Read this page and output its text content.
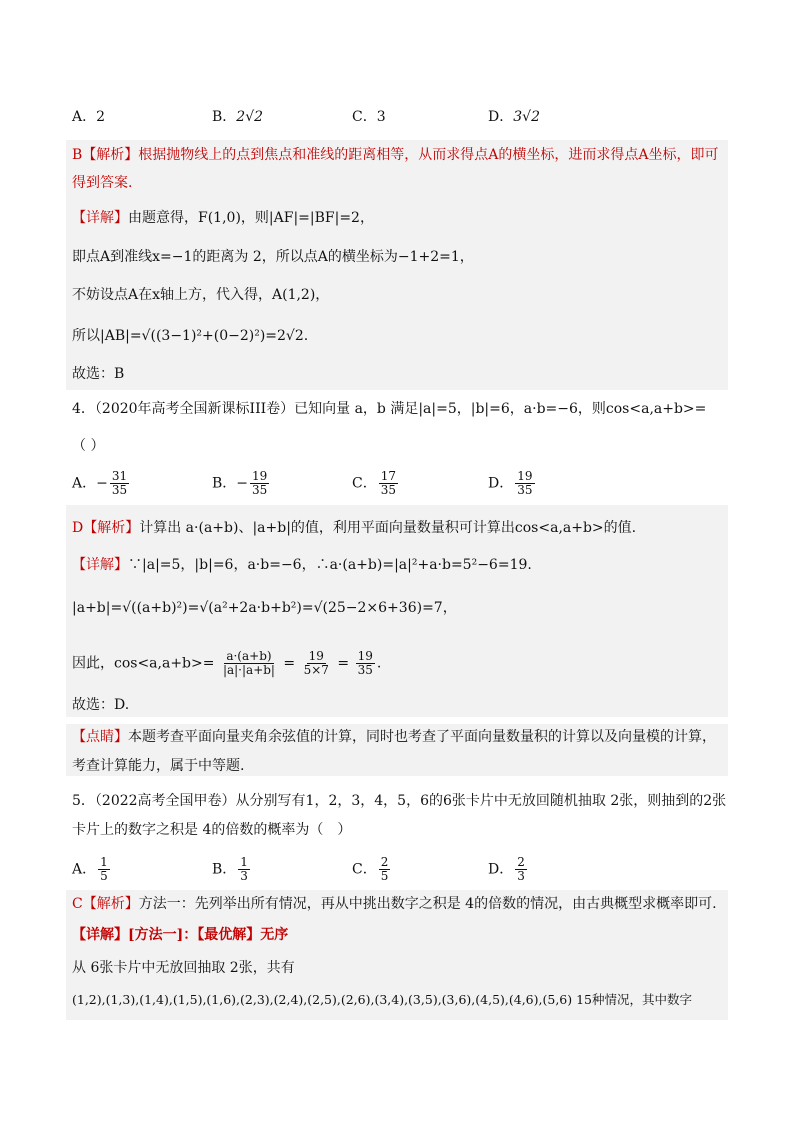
A．2	B．2√2	C．3	D．3√2
B【解析】根据抛物线上的点到焦点和准线的距离相等，从而求得点A的横坐标，进而求得点A坐标，即可
得到答案.
【详解】由题意得，F(1,0)，则|AF|=|BF|=2，
即点A到准线x=−1的距离为 2，所以点A的横坐标为−1+2=1，
不妨设点A在x轴上方，代入得，A(1,2)，
所以|AB|=√((3−1)²+(0−2)²)=2√2.
故选：B
4．（2020年高考全国新课标III卷）已知向量 a，b 满足|a|=5，|b|=6，a·b=−6，则cos<a,a+b>=
（ ）
A．− $\frac{31}{35}$	B．− $\frac{19}{35}$	C． $\frac{17}{35}$	D． $\frac{19}{35}$
D【解析】计算出 a·(a+b)、|a+b|的值，利用平面向量数量积可计算出cos<a,a+b>的值.
【详解】∵|a|=5，|b|=6，a·b=−6，∴a·(a+b)=|a|²+a·b=5²−6=19.
|a+b|=√((a+b)²)=√(a²+2a·b+b²)=√(25−2×6+36)=7，
因此，$\cos<a,a+b>= \frac{a\cdot(a+b)}{|a|\cdot|a+b|} = \frac{19}{5\times 7} = \frac{19}{35}$ .
故选：D.
【点睛】本题考查平面向量夹角余弦值的计算，同时也考查了平面向量数量积的计算以及向量模的计算，
考查计算能力，属于中等题.
5．（2022高考全国甲卷）从分别写有1，2，3，4，5，6的6张卡片中无放回随机抽取 2张，则抽到的2张
卡片上的数字之积是 4的倍数的概率为（　）
A． $\frac{1}{5}$	B． $\frac{1}{3}$	C． $\frac{2}{5}$	D． $\frac{2}{3}$
C【解析】方法一：先列举出所有情况，再从中挑出数字之积是 4的倍数的情况，由古典概型求概率即可.
【详解】[方法一]：【最优解】无序
从 6张卡片中无放回抽取 2张，共有
(1,2),(1,3),(1,4),(1,5),(1,6),(2,3),(2,4),(2,5),(2,6),(3,4),(3,5),(3,6),(4,5),(4,6),(5,6) 15种情况，其中数字
